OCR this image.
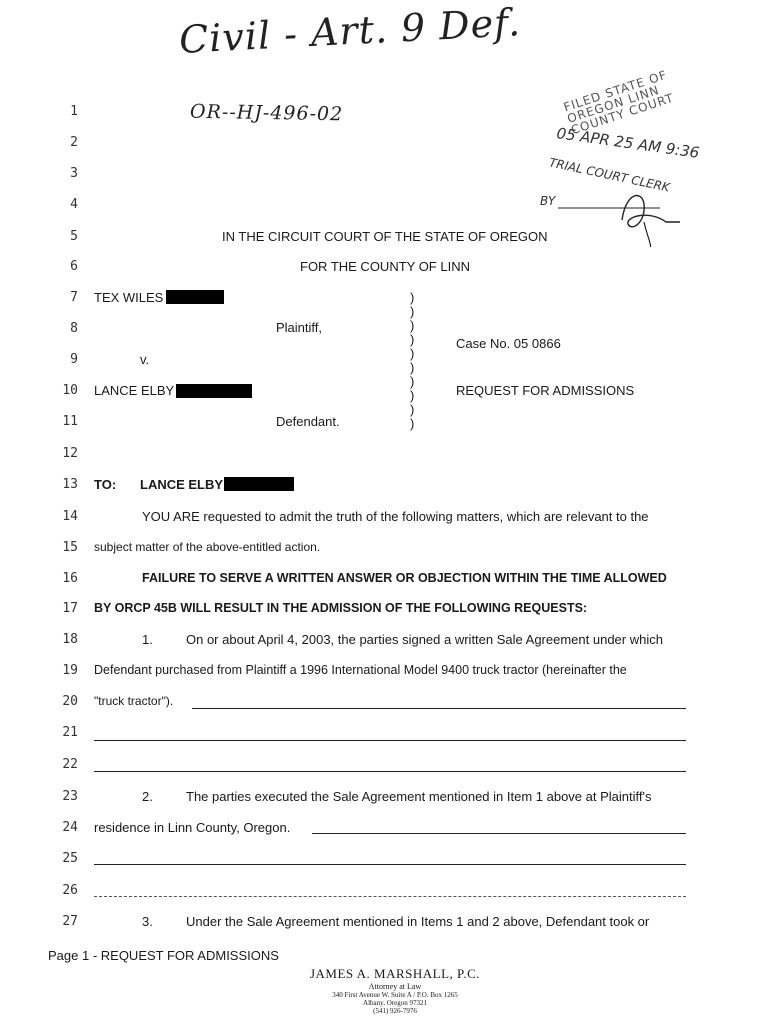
Civil - Art. 9 Def.
OR--HJ-496-02	FILED STATE OF OREGON LINN COUNTY COURT
05 APR 25 AM 9:36
TRIAL COURT CLERK
BY
1
2
3
4
5
6
7
8
9
10
11
12
13
14
15
16
17
18
19
20
21
22
23
24
25
26
27
IN THE CIRCUIT COURT OF THE STATE OF OREGON
FOR THE COUNTY OF LINN
TEX WILES
Plaintiff,
v.
LANCE ELBY
Defendant.
)
)
)
)
)
)
)
)
)
)
Case No. 05 0866
REQUEST FOR ADMISSIONS
TO: LANCE ELBY
YOU ARE requested to admit the truth of the following matters, which are relevant to the
subject matter of the above-entitled action.
FAILURE TO SERVE A WRITTEN ANSWER OR OBJECTION WITHIN THE TIME ALLOWED
BY ORCP 45B WILL RESULT IN THE ADMISSION OF THE FOLLOWING REQUESTS:
1.	On or about April 4, 2003, the parties signed a written Sale Agreement under which
Defendant purchased from Plaintiff a 1996 International Model 9400 truck tractor (hereinafter the
"truck tractor").
2.	The parties executed the Sale Agreement mentioned in Item 1 above at Plaintiff's
residence in Linn County, Oregon.
3.	Under the Sale Agreement mentioned in Items 1 and 2 above, Defendant took or
Page 1 - REQUEST FOR ADMISSIONS
JAMES A. MARSHALL, P.C.
Attorney at Law
340 First Avenue W. Suite A / P.O. Box 1265
Albany, Oregon 97321
(541) 926-7976
